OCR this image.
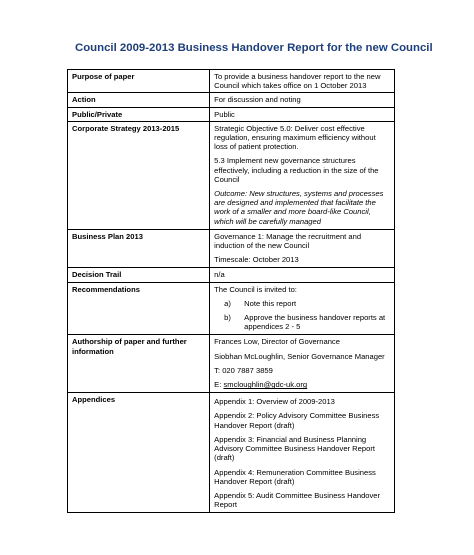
Council 2009-2013 Business Handover Report for the new Council
Purpose of paper	To provide a business handover report to the new Council which takes office on 1 October 2013
Action	For discussion and noting
Public/Private	Public
Corporate Strategy 2013-2015	Strategic Objective 5.0: Deliver cost effective regulation, ensuring maximum efficiency without loss of patient protection.

5.3 Implement new governance structures effectively, including a reduction in the size of the Council

Outcome: New structures, systems and processes are designed and implemented that facilitate the work of a smaller and more board-like Council, which will be carefully managed

Business Plan 2013	Governance 1: Manage the recruitment and induction of the new Council

Timescale: October 2013

Decision Trail	n/a
Recommendations	The Council is invited to:

a) Note this report
b) Approve the business handover reports at appendices 2 - 5

Authorship of paper and further information	Frances Low, Director of Governance

Siobhan McLoughlin, Senior Governance Manager

T: 020 7887 3859

E: smcloughlin@gdc-uk.org

Appendices	Appendix 1: Overview of 2009-2013

Appendix 2: Policy Advisory Committee Business Handover Report (draft)

Appendix 3: Financial and Business Planning Advisory Committee Business Handover Report (draft)

Appendix 4: Remuneration Committee Business Handover Report (draft)

Appendix 5: Audit Committee Business Handover Report
